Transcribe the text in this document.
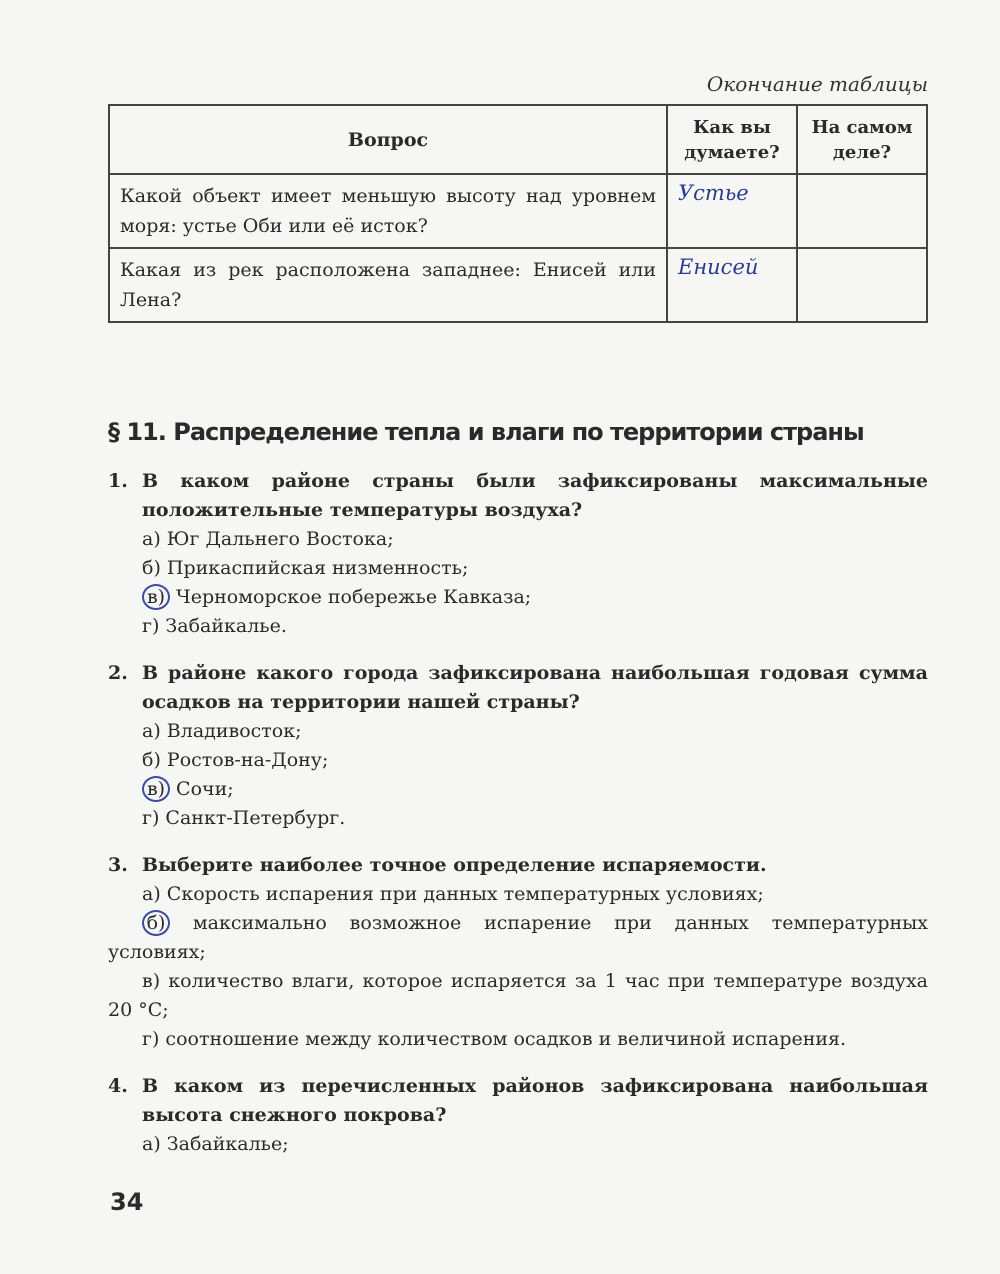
Окончание таблицы
Вопрос	Как вы думаете?	На самом деле?
Какой объект имеет меньшую высоту над уровнем моря: устье Оби или её исток?	Устье	
Какая из рек расположена западнее: Енисей или Лена?	Енисей	
§ 11. Распределение тепла и влаги по территории страны
1. В каком районе страны были зафиксированы максимальные положительные температуры воздуха?
а) Юг Дальнего Востока;
б) Прикаспийская низменность;
в) Черноморское побережье Кавказа;
г) Забайкалье.
2. В районе какого города зафиксирована наибольшая годовая сумма осадков на территории нашей страны?
а) Владивосток;
б) Ростов-на-Дону;
в) Сочи;
г) Санкт-Петербург.
3. Выберите наиболее точное определение испаряемости.
а) Скорость испарения при данных температурных условиях;
б) максимально возможное испарение при данных температурных условиях;
в) количество влаги, которое испаряется за 1 час при температуре воздуха 20 °С;
г) соотношение между количеством осадков и величиной испарения.
4. В каком из перечисленных районов зафиксирована наибольшая высота снежного покрова?
а) Забайкалье;
34
